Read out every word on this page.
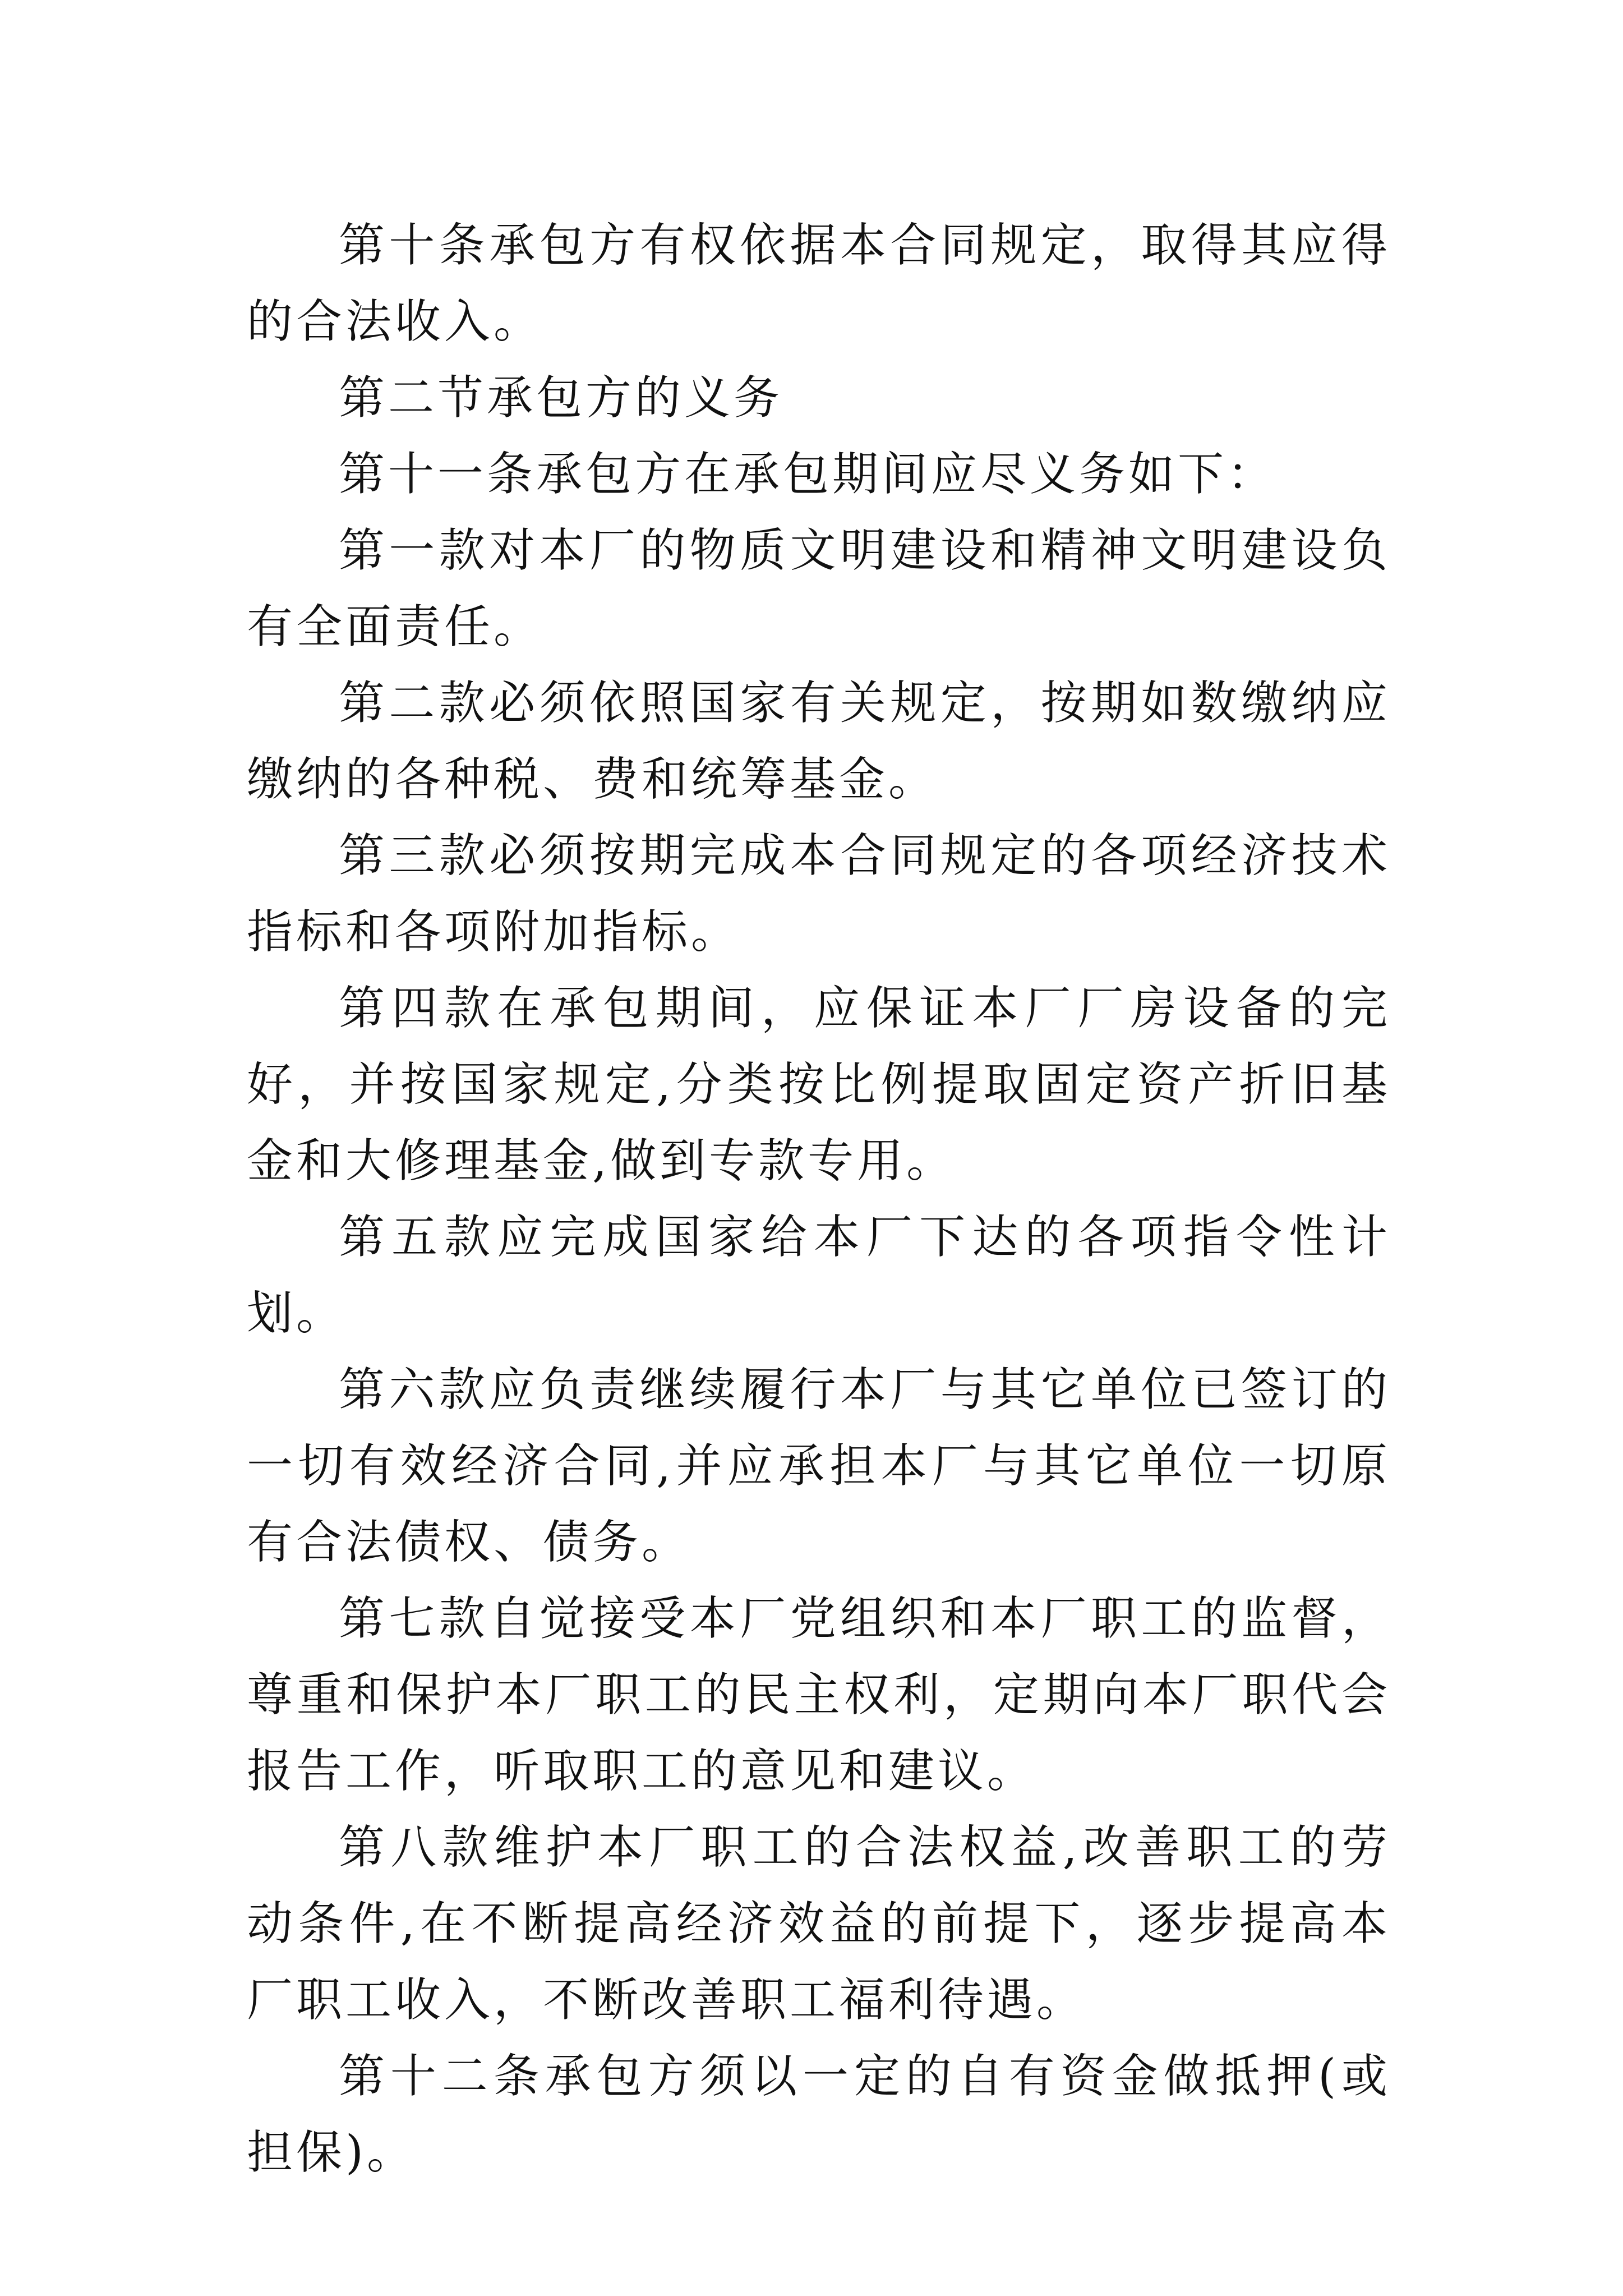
第十条承包方有权依据本合同规定，取得其应得的合法收入。

第二节承包方的义务

第十一条承包方在承包期间应尽义务如下：

第一款对本厂的物质文明建设和精神文明建设负有全面责任。

第二款必须依照国家有关规定，按期如数缴纳应缴纳的各种税、费和统筹基金。

第三款必须按期完成本合同规定的各项经济技术指标和各项附加指标。

第四款在承包期间，应保证本厂厂房设备的完好，并按国家规定,分类按比例提取固定资产折旧基金和大修理基金,做到专款专用。

第五款应完成国家给本厂下达的各项指令性计划。

第六款应负责继续履行本厂与其它单位已签订的一切有效经济合同,并应承担本厂与其它单位一切原有合法债权、债务。

第七款自觉接受本厂党组织和本厂职工的监督，尊重和保护本厂职工的民主权利，定期向本厂职代会报告工作，听取职工的意见和建议。

第八款维护本厂职工的合法权益,改善职工的劳动条件,在不断提高经济效益的前提下，逐步提高本厂职工收入，不断改善职工福利待遇。

第十二条承包方须以一定的自有资金做抵押(或担保)。
